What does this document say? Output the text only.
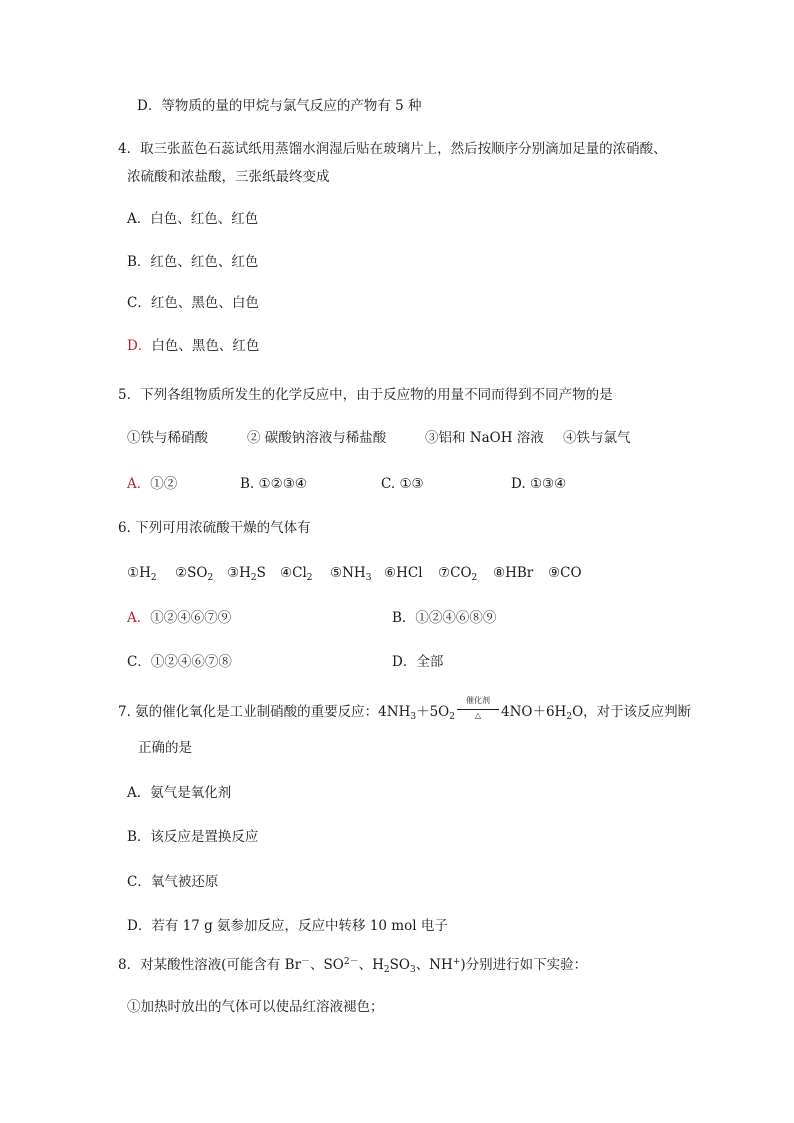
D．等物质的量的甲烷与氯气反应的产物有 5 种
4．取三张蓝色石蕊试纸用蒸馏水润湿后贴在玻璃片上，然后按顺序分别滴加足量的浓硝酸、
浓硫酸和浓盐酸，三张纸最终变成
A．白色、红色、红色
B．红色、红色、红色
C．红色、黑色、白色
D．白色、黑色、红色
5．下列各组物质所发生的化学反应中，由于反应物的用量不同而得到不同产物的是
①铁与稀硝酸	② 碳酸钠溶液与稀盐酸	③铝和 NaOH 溶液 ④铁与氯气
A．①②	B. ①②③④	C. ①③	D. ①③④
6. 下列可用浓硫酸干燥的气体有
$①H_2$ $②SO_2$ $③H_2S$ $④Cl_2$ $⑤NH_3$ ⑥HCl $⑦CO_2$ ⑧HBr ⑨CO
A．①②④⑥⑦⑨	B．①②④⑥⑧⑨
C．①②④⑥⑦⑧	D．全部
7. 氨的催化氧化是工业制硝酸的重要反应：$4NH_3+5O_2 \frac{\text{催化剂}}{\triangle} 4NO+6H_2O$，对于该反应判断
正确的是
A．氨气是氧化剂
B．该反应是置换反应
C．氧气被还原
D．若有 17 g 氨参加反应，反应中转移 10 mol 电子
8．对某酸性溶液(可能含有 Br－、$SO^{2-}$、$H_2SO_3$、NH+)分别进行如下实验：
①加热时放出的气体可以使品红溶液褪色；
